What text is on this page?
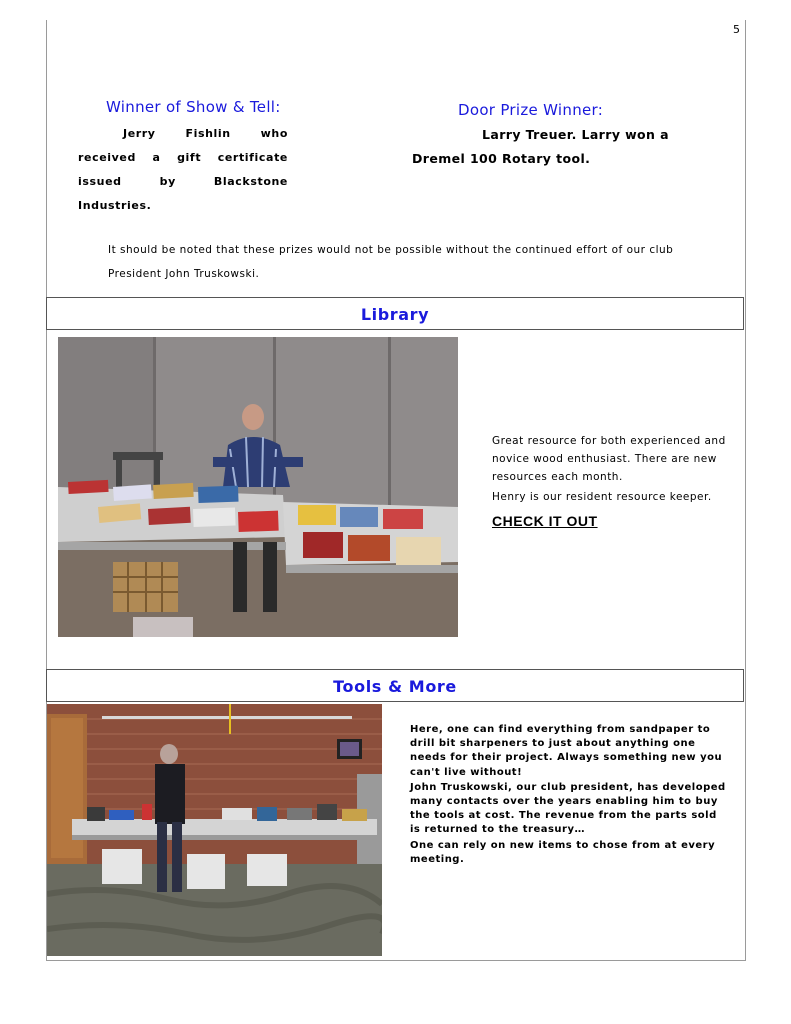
5
Winner of Show & Tell:
Jerry Fishlin who received a gift certificate issued by Blackstone Industries.
Door Prize Winner:
Larry Treuer. Larry won a Dremel 100 Rotary tool.
It should be noted that these prizes would not be possible without the continued effort of our club President John Truskowski.
Library

Great resource for both experienced and novice wood enthusiast. There are new resources each month.

Henry is our resident resource keeper.

CHECK IT OUT
Tools & More

Here, one can find everything from sandpaper to drill bit sharpeners to just about anything one needs for their project. Always something new you can't live without!

John Truskowski, our club president, has developed many contacts over the years enabling him to buy the tools at cost. The revenue from the parts sold is returned to the treasury…

One can rely on new items to chose from at every meeting.
